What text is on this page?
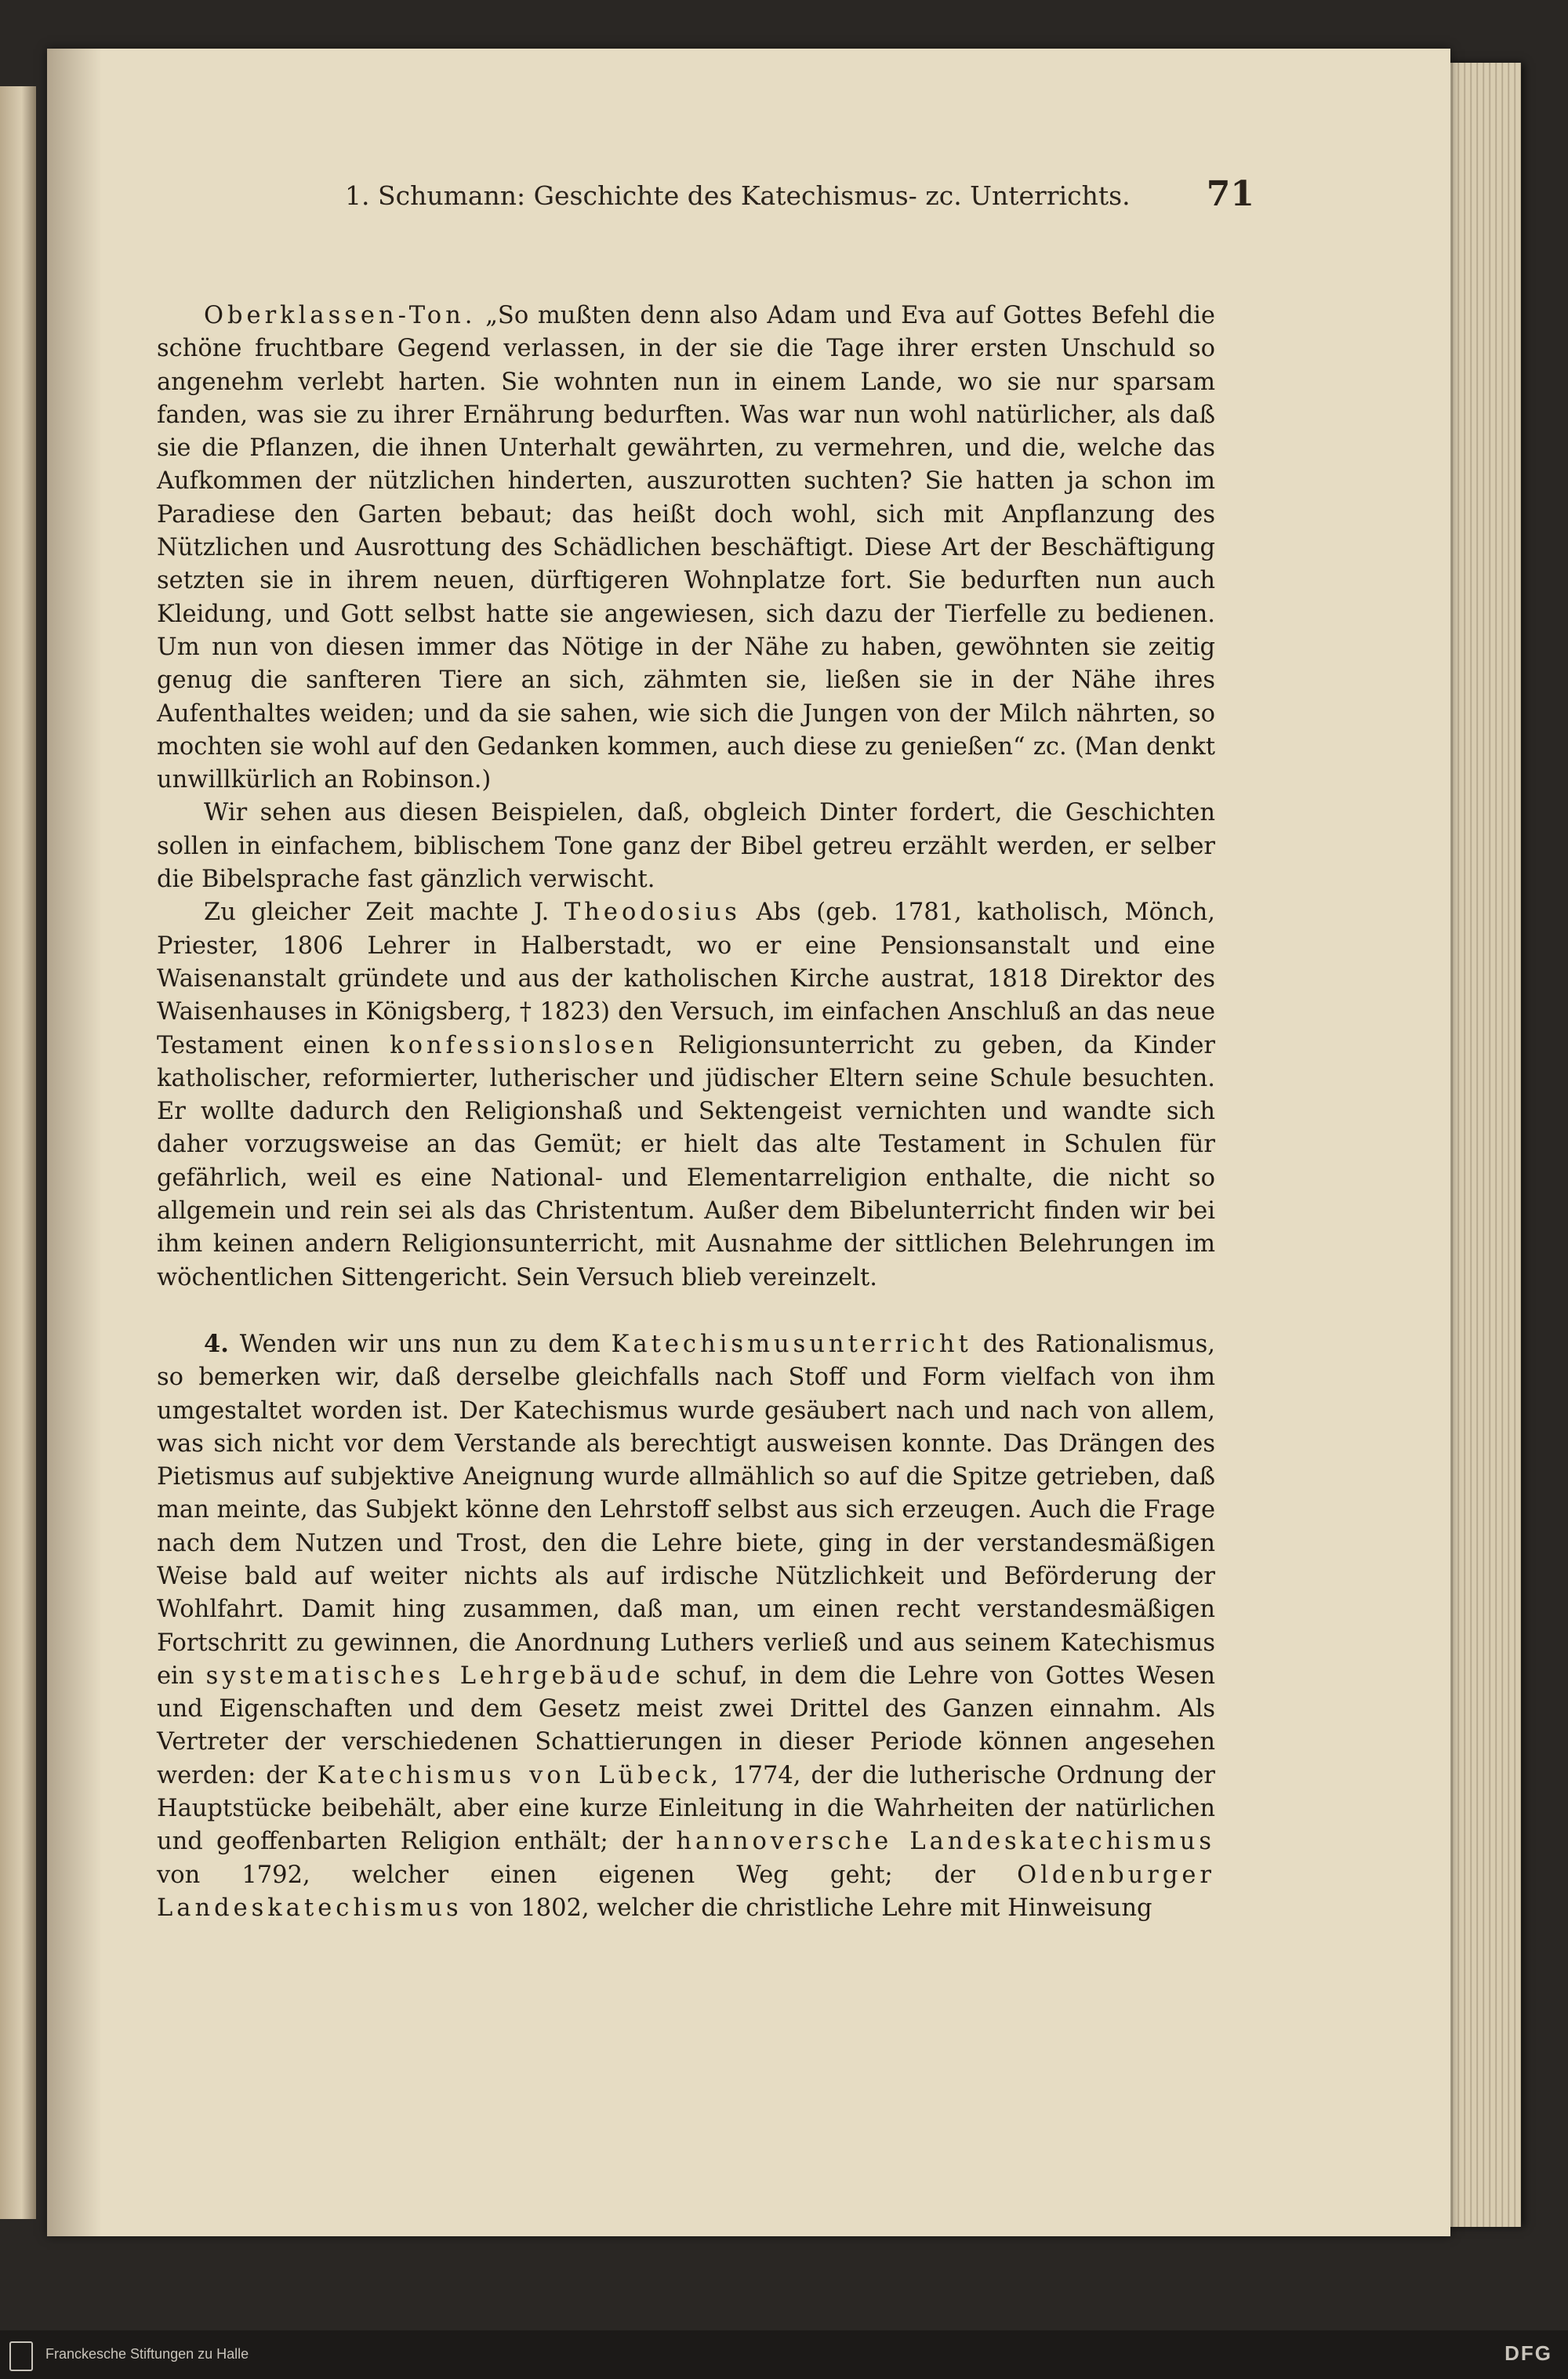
1. Schumann: Geschichte des Katechismus- zc. Unterrichts. 71

Oberklassen-Ton. „So mußten denn also Adam und Eva auf Gottes Befehl die schöne fruchtbare Gegend verlassen, in der sie die Tage ihrer ersten Unschuld so angenehm verlebt harten. Sie wohnten nun in einem Lande, wo sie nur sparsam fanden, was sie zu ihrer Ernährung bedurften. Was war nun wohl natürlicher, als daß sie die Pflanzen, die ihnen Unterhalt gewährten, zu vermehren, und die, welche das Aufkommen der nützlichen hinderten, auszurotten suchten? Sie hatten ja schon im Paradiese den Garten bebaut; das heißt doch wohl, sich mit Anpflanzung des Nützlichen und Ausrottung des Schädlichen beschäftigt. Diese Art der Beschäftigung setzten sie in ihrem neuen, dürftigeren Wohnplatze fort. Sie bedurften nun auch Kleidung, und Gott selbst hatte sie angewiesen, sich dazu der Tierfelle zu bedienen. Um nun von diesen immer das Nötige in der Nähe zu haben, gewöhnten sie zeitig genug die sanfteren Tiere an sich, zähmten sie, ließen sie in der Nähe ihres Aufenthaltes weiden; und da sie sahen, wie sich die Jungen von der Milch nährten, so mochten sie wohl auf den Gedanken kommen, auch diese zu genießen“ zc. (Man denkt unwillkürlich an Robinson.)

Wir sehen aus diesen Beispielen, daß, obgleich Dinter fordert, die Geschichten sollen in einfachem, biblischem Tone ganz der Bibel getreu erzählt werden, er selber die Bibelsprache fast gänzlich verwischt.

Zu gleicher Zeit machte J. Theodosius Abs (geb. 1781, katholisch, Mönch, Priester, 1806 Lehrer in Halberstadt, wo er eine Pensionsanstalt und eine Waisenanstalt gründete und aus der katholischen Kirche austrat, 1818 Direktor des Waisenhauses in Königsberg, † 1823) den Versuch, im einfachen Anschluß an das neue Testament einen konfessionslosen Religionsunterricht zu geben, da Kinder katholischer, reformierter, lutherischer und jüdischer Eltern seine Schule besuchten. Er wollte dadurch den Religionshaß und Sektengeist vernichten und wandte sich daher vorzugsweise an das Gemüt; er hielt das alte Testament in Schulen für gefährlich, weil es eine National- und Elementarreligion enthalte, die nicht so allgemein und rein sei als das Christentum. Außer dem Bibelunterricht finden wir bei ihm keinen andern Religionsunterricht, mit Ausnahme der sittlichen Belehrungen im wöchentlichen Sittengericht. Sein Versuch blieb vereinzelt.

4. Wenden wir uns nun zu dem Katechismusunterricht des Rationalismus, so bemerken wir, daß derselbe gleichfalls nach Stoff und Form vielfach von ihm umgestaltet worden ist. Der Katechismus wurde gesäubert nach und nach von allem, was sich nicht vor dem Verstande als berechtigt ausweisen konnte. Das Drängen des Pietismus auf subjektive Aneignung wurde allmählich so auf die Spitze getrieben, daß man meinte, das Subjekt könne den Lehrstoff selbst aus sich erzeugen. Auch die Frage nach dem Nutzen und Trost, den die Lehre biete, ging in der verstandesmäßigen Weise bald auf weiter nichts als auf irdische Nützlichkeit und Beförderung der Wohlfahrt. Damit hing zusammen, daß man, um einen recht verstandesmäßigen Fortschritt zu gewinnen, die Anordnung Luthers verließ und aus seinem Katechismus ein systematisches Lehrgebäude schuf, in dem die Lehre von Gottes Wesen und Eigenschaften und dem Gesetz meist zwei Drittel des Ganzen einnahm. Als Vertreter der verschiedenen Schattierungen in dieser Periode können angesehen werden: der Katechismus von Lübeck, 1774, der die lutherische Ordnung der Hauptstücke beibehält, aber eine kurze Einleitung in die Wahrheiten der natürlichen und geoffenbarten Religion enthält; der hannoversche Landeskatechismus von 1792, welcher einen eigenen Weg geht; der Oldenburger Landeskatechismus von 1802, welcher die christliche Lehre mit Hinweisung

Franckesche Stiftungen zu Halle	DFG
